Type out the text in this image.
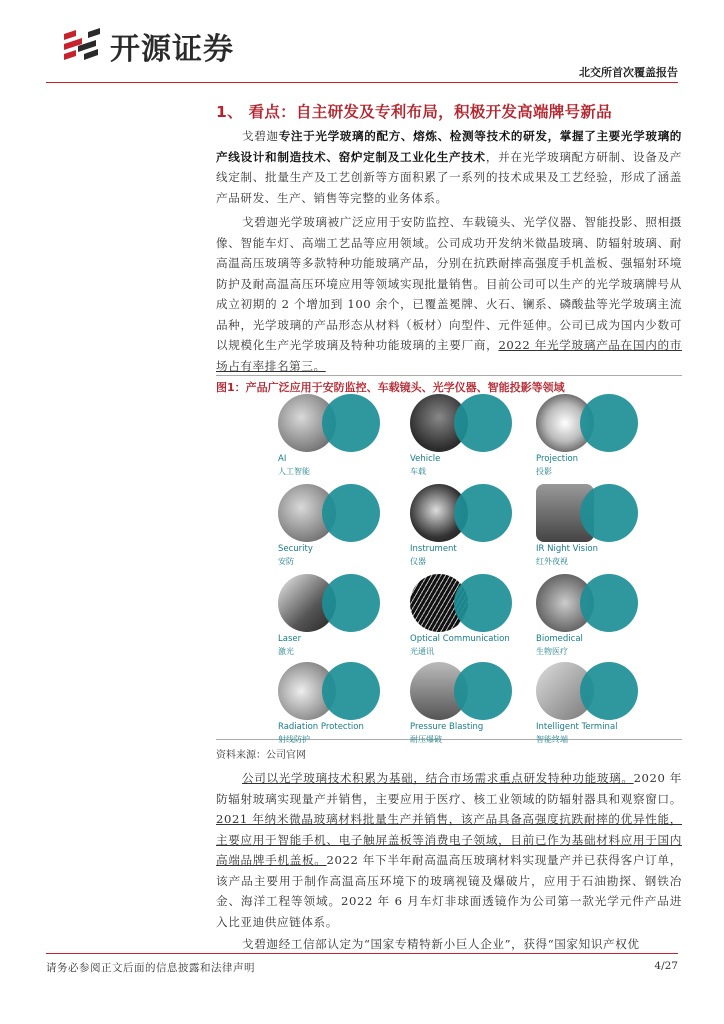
开源证券
北交所首次覆盖报告
1、 看点：自主研发及专利布局，积极开发高端牌号新品
戈碧迦专注于光学玻璃的配方、熔炼、检测等技术的研发，掌握了主要光学玻璃的产线设计和制造技术、窑炉定制及工业化生产技术，并在光学玻璃配方研制、设备及产线定制、批量生产及工艺创新等方面积累了一系列的技术成果及工艺经验，形成了涵盖产品研发、生产、销售等完整的业务体系。
戈碧迦光学玻璃被广泛应用于安防监控、车载镜头、光学仪器、智能投影、照相摄像、智能车灯、高端工艺品等应用领域。公司成功开发纳米微晶玻璃、防辐射玻璃、耐高温高压玻璃等多款特种功能玻璃产品，分别在抗跌耐摔高强度手机盖板、强辐射环境防护及耐高温高压环境应用等领域实现批量销售。目前公司可以生产的光学玻璃牌号从成立初期的 2 个增加到 100 余个，已覆盖冕牌、火石、镧系、磷酸盐等光学玻璃主流品种，光学玻璃的产品形态从材料（板材）向型件、元件延伸。公司已成为国内少数可以规模化生产光学玻璃及特种功能玻璃的主要厂商，2022 年光学玻璃产品在国内的市场占有率排名第三。
图1：产品广泛应用于安防监控、车载镜头、光学仪器、智能投影等领域
AI
人工智能
Vehicle
车载
Projection
投影
Security
安防
Instrument
仪器
IR Night Vision
红外夜视
Laser
激光
Optical Communication
光通讯
Biomedical
生物医疗
Radiation Protection
射线防护
Pressure Blasting
耐压爆破
Intelligent Terminal
智能终端
资料来源：公司官网
公司以光学玻璃技术积累为基础，结合市场需求重点研发特种功能玻璃。2020 年防辐射玻璃实现量产并销售，主要应用于医疗、核工业领域的防辐射器具和观察窗口。2021 年纳米微晶玻璃材料批量生产并销售，该产品具备高强度抗跌耐摔的优异性能，主要应用于智能手机、电子触屏盖板等消费电子领域，目前已作为基础材料应用于国内高端品牌手机盖板。2022 年下半年耐高温高压玻璃材料实现量产并已获得客户订单，该产品主要用于制作高温高压环境下的玻璃视镜及爆破片，应用于石油勘探、钢铁冶金、海洋工程等领域。2022 年 6 月车灯非球面透镜作为公司第一款光学元件产品进入比亚迪供应链体系。
戈碧迦经工信部认定为“国家专精特新小巨人企业”，获得“国家知识产权优
请务必参阅正文后面的信息披露和法律声明	4/27
